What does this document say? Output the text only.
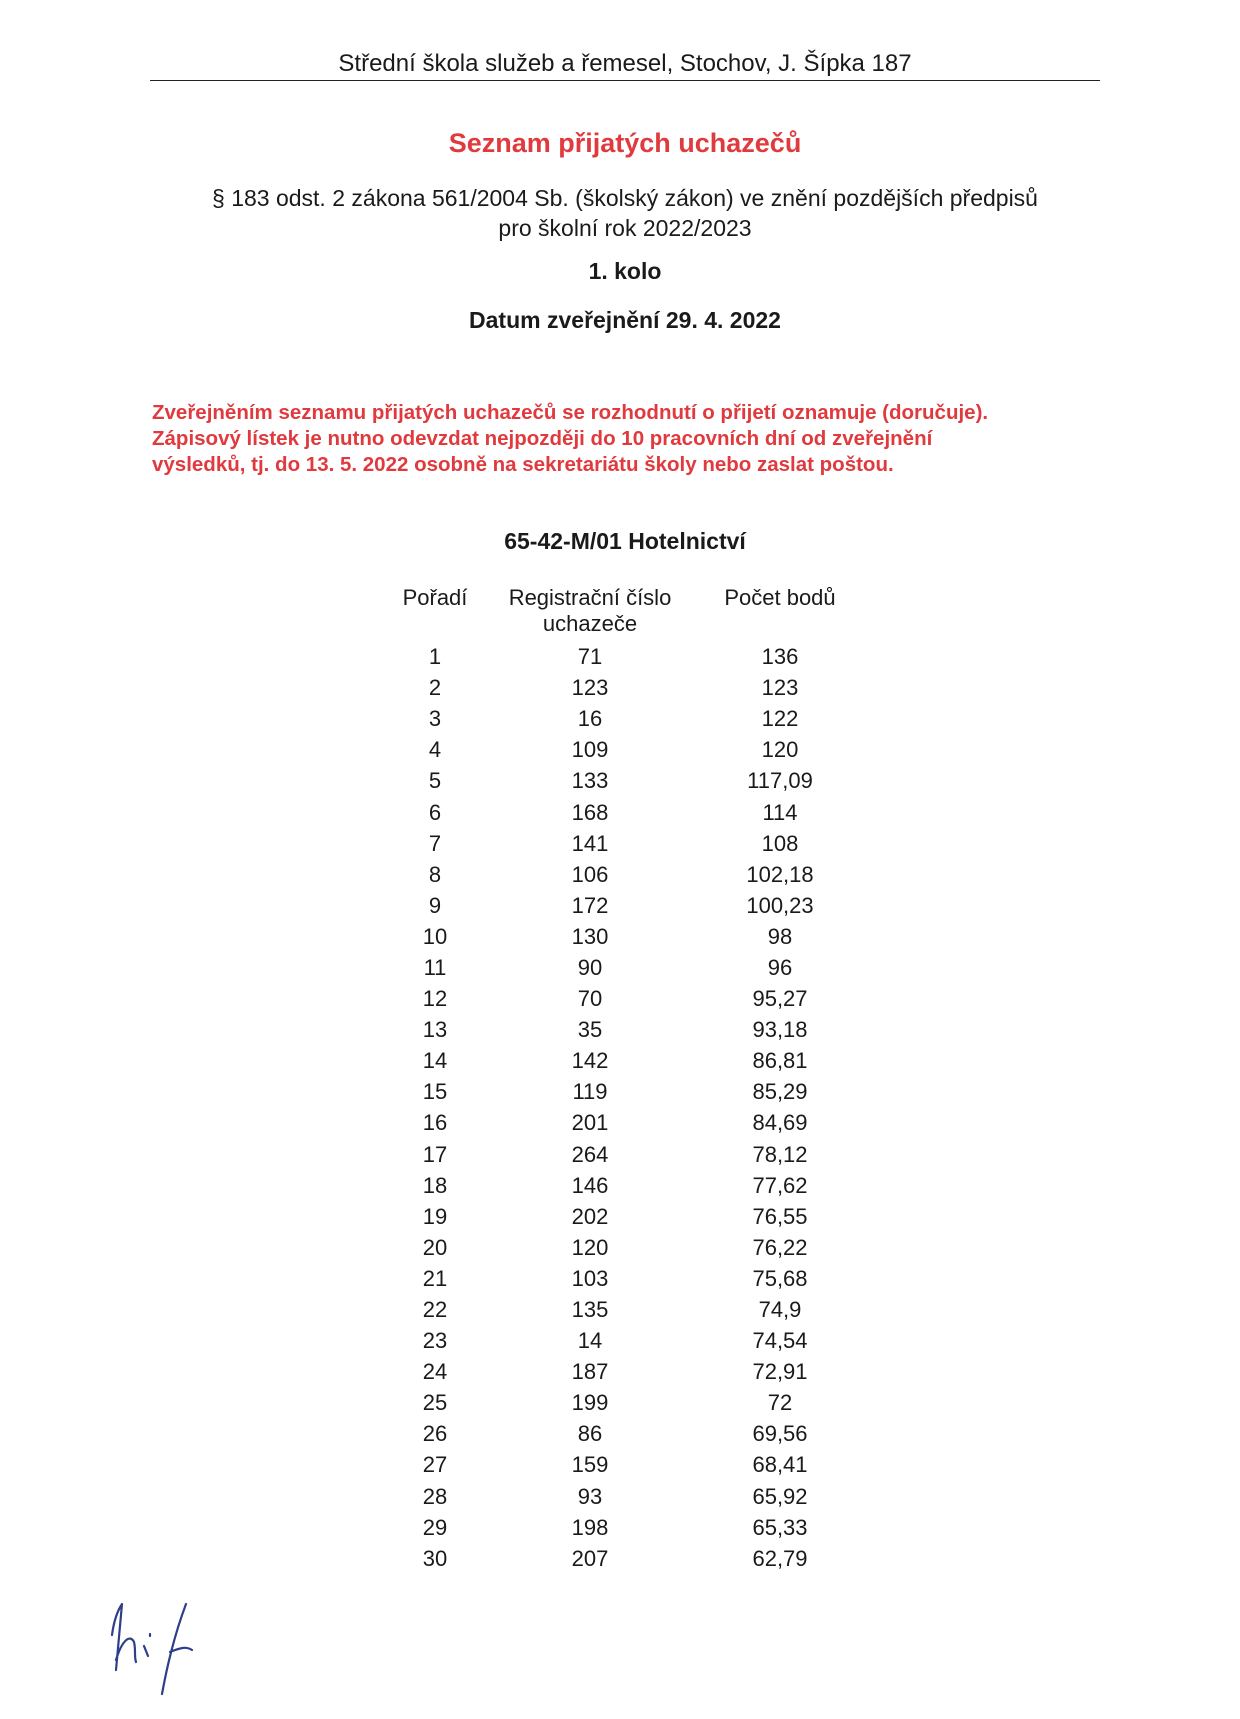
Střední škola služeb a řemesel, Stochov, J. Šípka 187
Seznam přijatých uchazečů
§ 183 odst. 2 zákona 561/2004 Sb. (školský zákon) ve znění pozdějších předpisů
pro školní rok 2022/2023
1. kolo
Datum zveřejnění 29. 4. 2022
Zveřejněním seznamu přijatých uchazečů se rozhodnutí o přijetí oznamuje (doručuje).
Zápisový lístek je nutno odevzdat nejpozději do 10 pracovních dní od zveřejnění
výsledků, tj. do 13. 5. 2022 osobně na sekretariátu školy nebo zaslat poštou.
65-42-M/01 Hotelnictví
Pořadí	Registrační číslo uchazeče	Počet bodů
1	71	136
2	123	123
3	16	122
4	109	120
5	133	117,09
6	168	114
7	141	108
8	106	102,18
9	172	100,23
10	130	98
11	90	96
12	70	95,27
13	35	93,18
14	142	86,81
15	119	85,29
16	201	84,69
17	264	78,12
18	146	77,62
19	202	76,55
20	120	76,22
21	103	75,68
22	135	74,9
23	14	74,54
24	187	72,91
25	199	72
26	86	69,56
27	159	68,41
28	93	65,92
29	198	65,33
30	207	62,79
